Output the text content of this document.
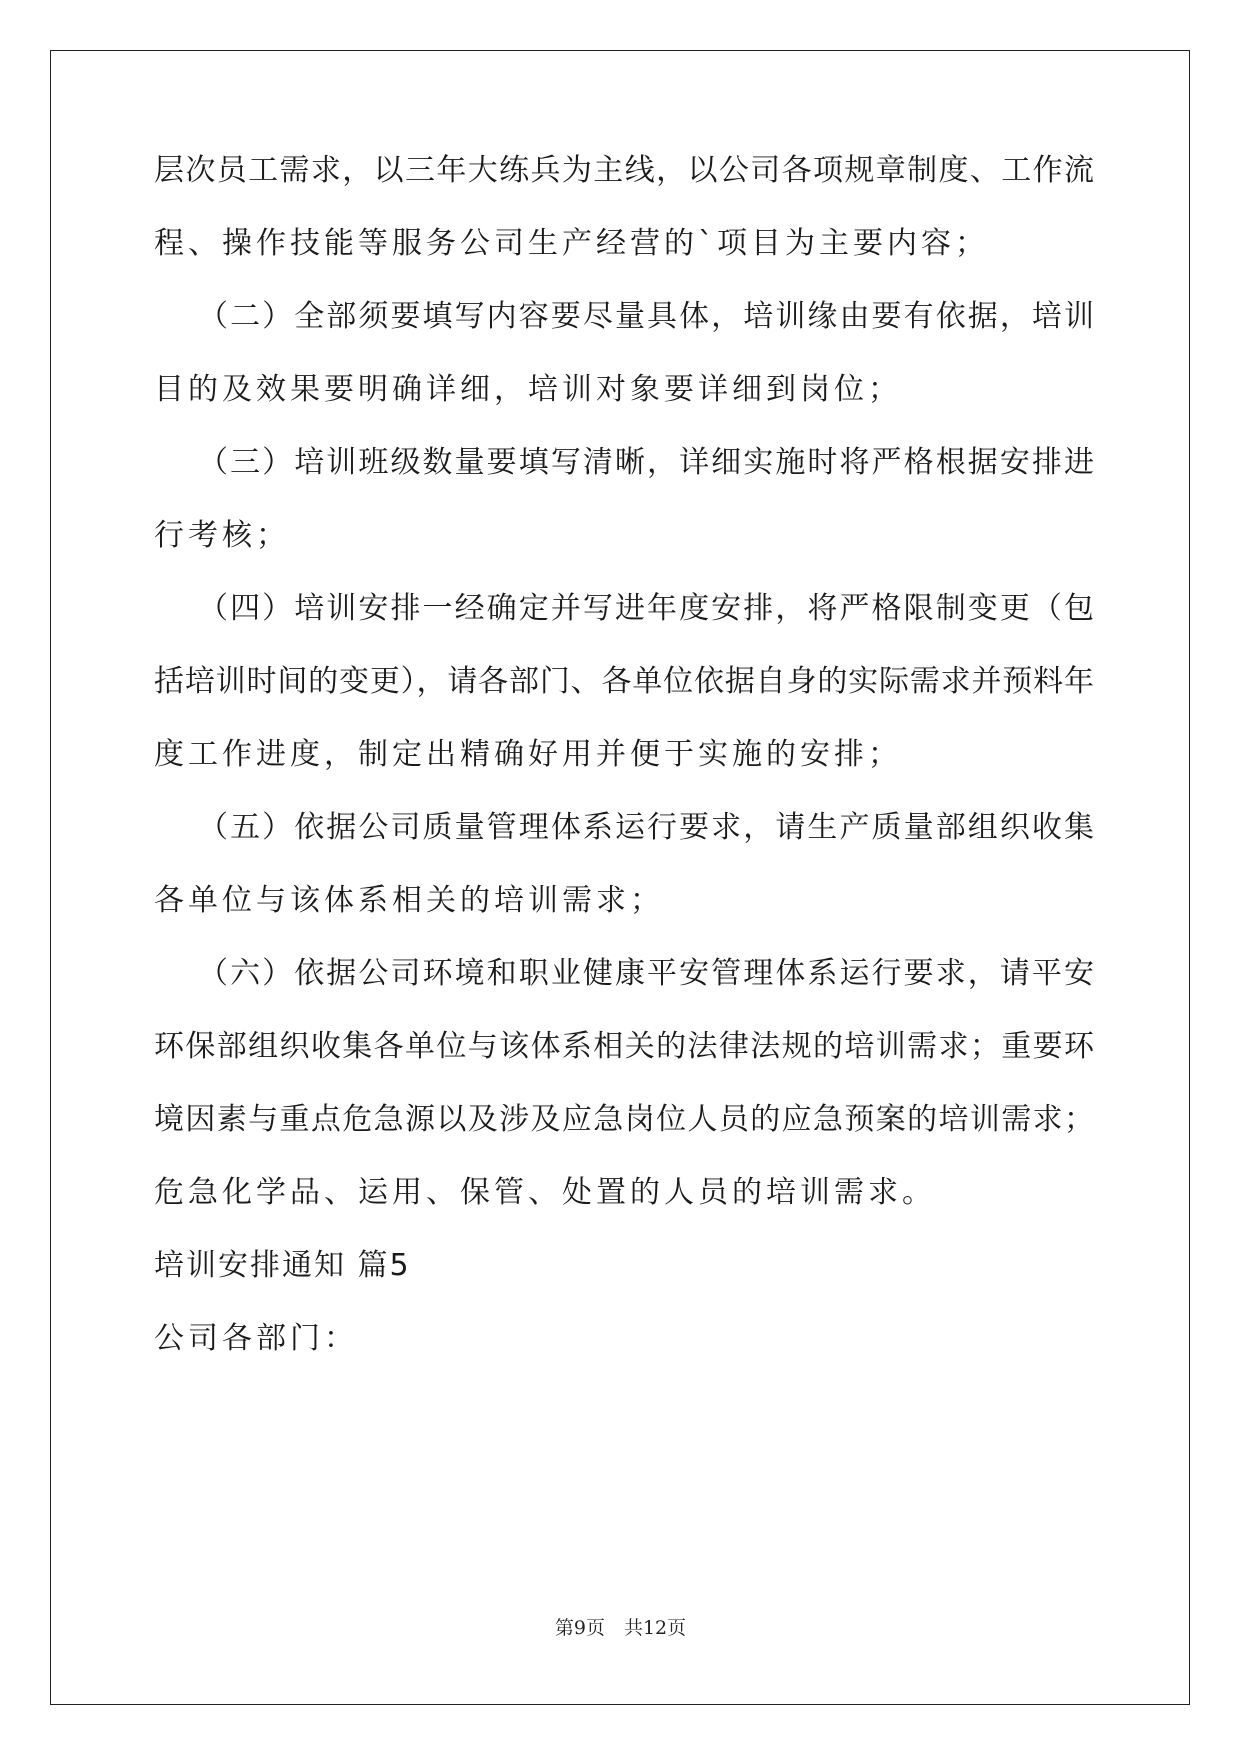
层次员工需求，以三年大练兵为主线，以公司各项规章制度、工作流
程、操作技能等服务公司生产经营的`项目为主要内容；
（二）全部须要填写内容要尽量具体，培训缘由要有依据，培训
目的及效果要明确详细，培训对象要详细到岗位；
（三）培训班级数量要填写清晰，详细实施时将严格根据安排进
行考核；
（四）培训安排一经确定并写进年度安排，将严格限制变更（包
括培训时间的变更），请各部门、各单位依据自身的实际需求并预料年
度工作进度，制定出精确好用并便于实施的安排；
（五）依据公司质量管理体系运行要求，请生产质量部组织收集
各单位与该体系相关的培训需求；
（六）依据公司环境和职业健康平安管理体系运行要求，请平安
环保部组织收集各单位与该体系相关的法律法规的培训需求；重要环
境因素与重点危急源以及涉及应急岗位人员的应急预案的培训需求；
危急化学品、运用、保管、处置的人员的培训需求。
培训安排通知 篇5
公司各部门：
第9页　共12页
